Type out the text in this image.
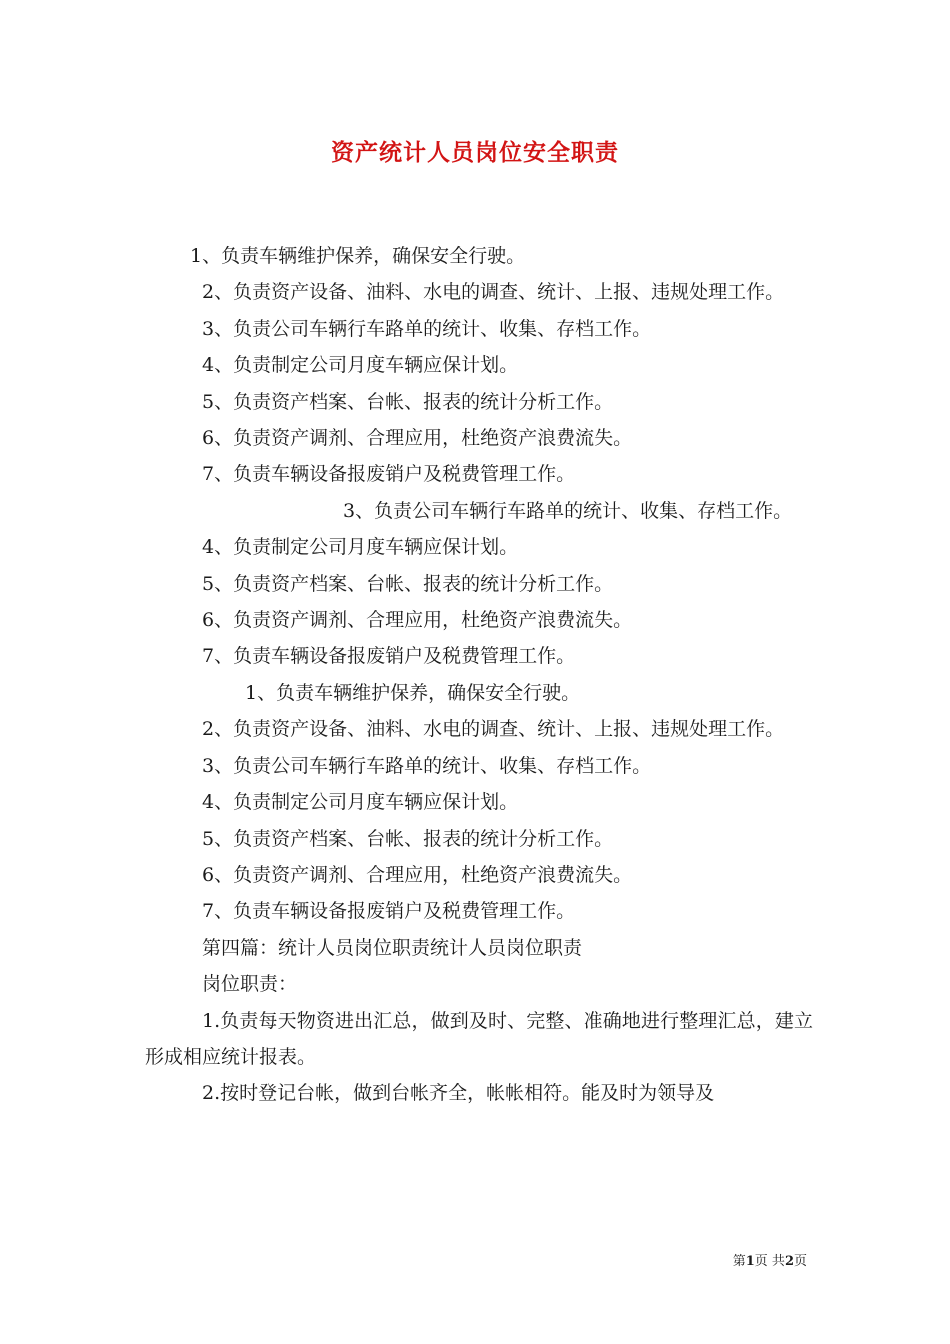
资产统计人员岗位安全职责

1、负责车辆维护保养，确保安全行驶。

2、负责资产设备、油料、水电的调查、统计、上报、违规处理工作。

3、负责公司车辆行车路单的统计、收集、存档工作。

4、负责制定公司月度车辆应保计划。

5、负责资产档案、台帐、报表的统计分析工作。

6、负责资产调剂、合理应用，杜绝资产浪费流失。

7、负责车辆设备报废销户及税费管理工作。

3、负责公司车辆行车路单的统计、收集、存档工作。

4、负责制定公司月度车辆应保计划。

5、负责资产档案、台帐、报表的统计分析工作。

6、负责资产调剂、合理应用，杜绝资产浪费流失。

7、负责车辆设备报废销户及税费管理工作。

1、负责车辆维护保养，确保安全行驶。

2、负责资产设备、油料、水电的调查、统计、上报、违规处理工作。

3、负责公司车辆行车路单的统计、收集、存档工作。

4、负责制定公司月度车辆应保计划。

5、负责资产档案、台帐、报表的统计分析工作。

6、负责资产调剂、合理应用，杜绝资产浪费流失。

7、负责车辆设备报废销户及税费管理工作。

第四篇：统计人员岗位职责统计人员岗位职责

岗位职责：

1.负责每天物资进出汇总，做到及时、完整、准确地进行整理汇总，建立形成相应统计报表。

2.按时登记台帐，做到台帐齐全，帐帐相符。能及时为领导及

第1页 共2页
